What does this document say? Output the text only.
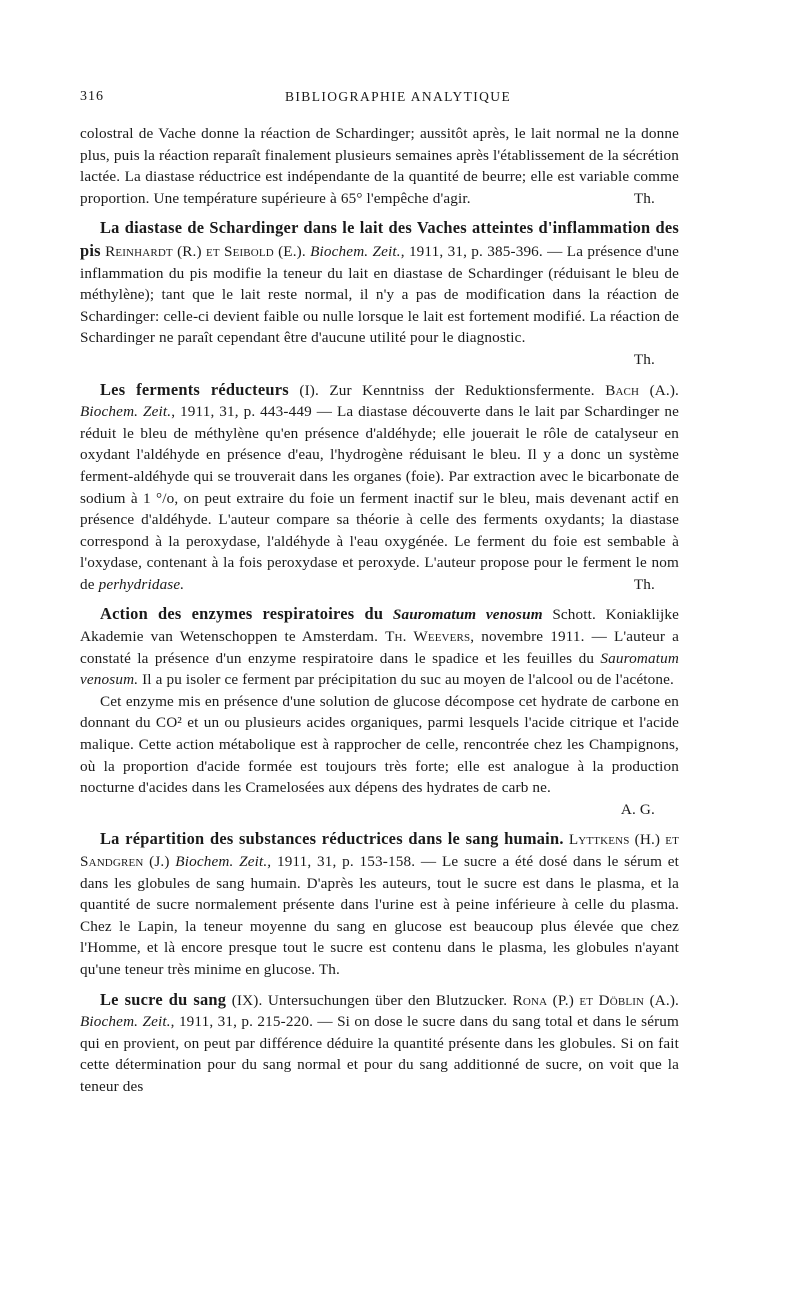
316	BIBLIOGRAPHIE ANALYTIQUE

colostral de Vache donne la réaction de Schardinger; aussitôt après, le lait normal ne la donne plus, puis la réaction reparaît finalement plusieurs semaines après l'établissement de la sécrétion lactée. La diastase réductrice est indépendante de la quantité de beurre; elle est variable comme proportion. Une température supérieure à 65° l'empêche d'agir.	Th.

La diastase de Schardinger dans le lait des Vaches atteintes d'inflammation des pis Reinhardt (R.) et Seibold (E.). Biochem. Zeit., 1911, 31, p. 385-396. — La présence d'une inflammation du pis modifie la teneur du lait en diastase de Schardinger (réduisant le bleu de méthylène); tant que le lait reste normal, il n'y a pas de modification dans la réaction de Schardinger: celle-ci devient faible ou nulle lorsque le lait est fortement modifié. La réaction de Schardinger ne paraît cependant être d'aucune utilité pour le diagnostic.

Th.

Les ferments réducteurs (I). Zur Kenntniss der Reduktionsfermente. Bach (A.). Biochem. Zeit., 1911, 31, p. 443-449 — La diastase découverte dans le lait par Schardinger ne réduit le bleu de méthylène qu'en présence d'aldéhyde; elle jouerait le rôle de catalyseur en oxydant l'aldéhyde en présence d'eau, l'hydrogène réduisant le bleu. Il y a donc un système ferment-aldéhyde qui se trouverait dans les organes (foie). Par extraction avec le bicarbonate de sodium à 1 °/o, on peut extraire du foie un ferment inactif sur le bleu, mais devenant actif en présence d'aldéhyde. L'auteur compare sa théorie à celle des ferments oxydants; la diastase correspond à la peroxydase, l'aldéhyde à l'eau oxygénée. Le ferment du foie est sembable à l'oxydase, contenant à la fois peroxydase et peroxyde. L'auteur propose pour le ferment le nom de perhydridase.	Th.

Action des enzymes respiratoires du Sauromatum venosum Schott. Koniaklijke Akademie van Wetenschoppen te Amsterdam. Th. Weevers, novembre 1911. — L'auteur a constaté la présence d'un enzyme respiratoire dans le spadice et les feuilles du Sauromatum venosum. Il a pu isoler ce ferment par précipitation du suc au moyen de l'alcool ou de l'acétone.

Cet enzyme mis en présence d'une solution de glucose décompose cet hydrate de carbone en donnant du CO² et un ou plusieurs acides organiques, parmi lesquels l'acide citrique et l'acide malique. Cette action métabolique est à rapprocher de celle, rencontrée chez les Champignons, où la proportion d'acide formée est toujours très forte; elle est analogue à la production nocturne d'acides dans les Cramelosées aux dépens des hydrates de carb ne.

A. G.

La répartition des substances réductrices dans le sang humain. Lyttkens (H.) et Sandgren (J.) Biochem. Zeit., 1911, 31, p. 153-158. — Le sucre a été dosé dans le sérum et dans les globules de sang humain. D'après les auteurs, tout le sucre est dans le plasma, et la quantité de sucre normalement présente dans l'urine est à peine inférieure à celle du plasma. Chez le Lapin, la teneur moyenne du sang en glucose est beaucoup plus élevée que chez l'Homme, et là encore presque tout le sucre est contenu dans le plasma, les globules n'ayant qu'une teneur très minime en glucose. Th.

Le sucre du sang (IX). Untersuchungen über den Blutzucker. Rona (P.) et Döblin (A.). Biochem. Zeit., 1911, 31, p. 215-220. — Si on dose le sucre dans du sang total et dans le sérum qui en provient, on peut par différence déduire la quantité présente dans les globules. Si on fait cette détermination pour du sang normal et pour du sang additionné de sucre, on voit que la teneur des
